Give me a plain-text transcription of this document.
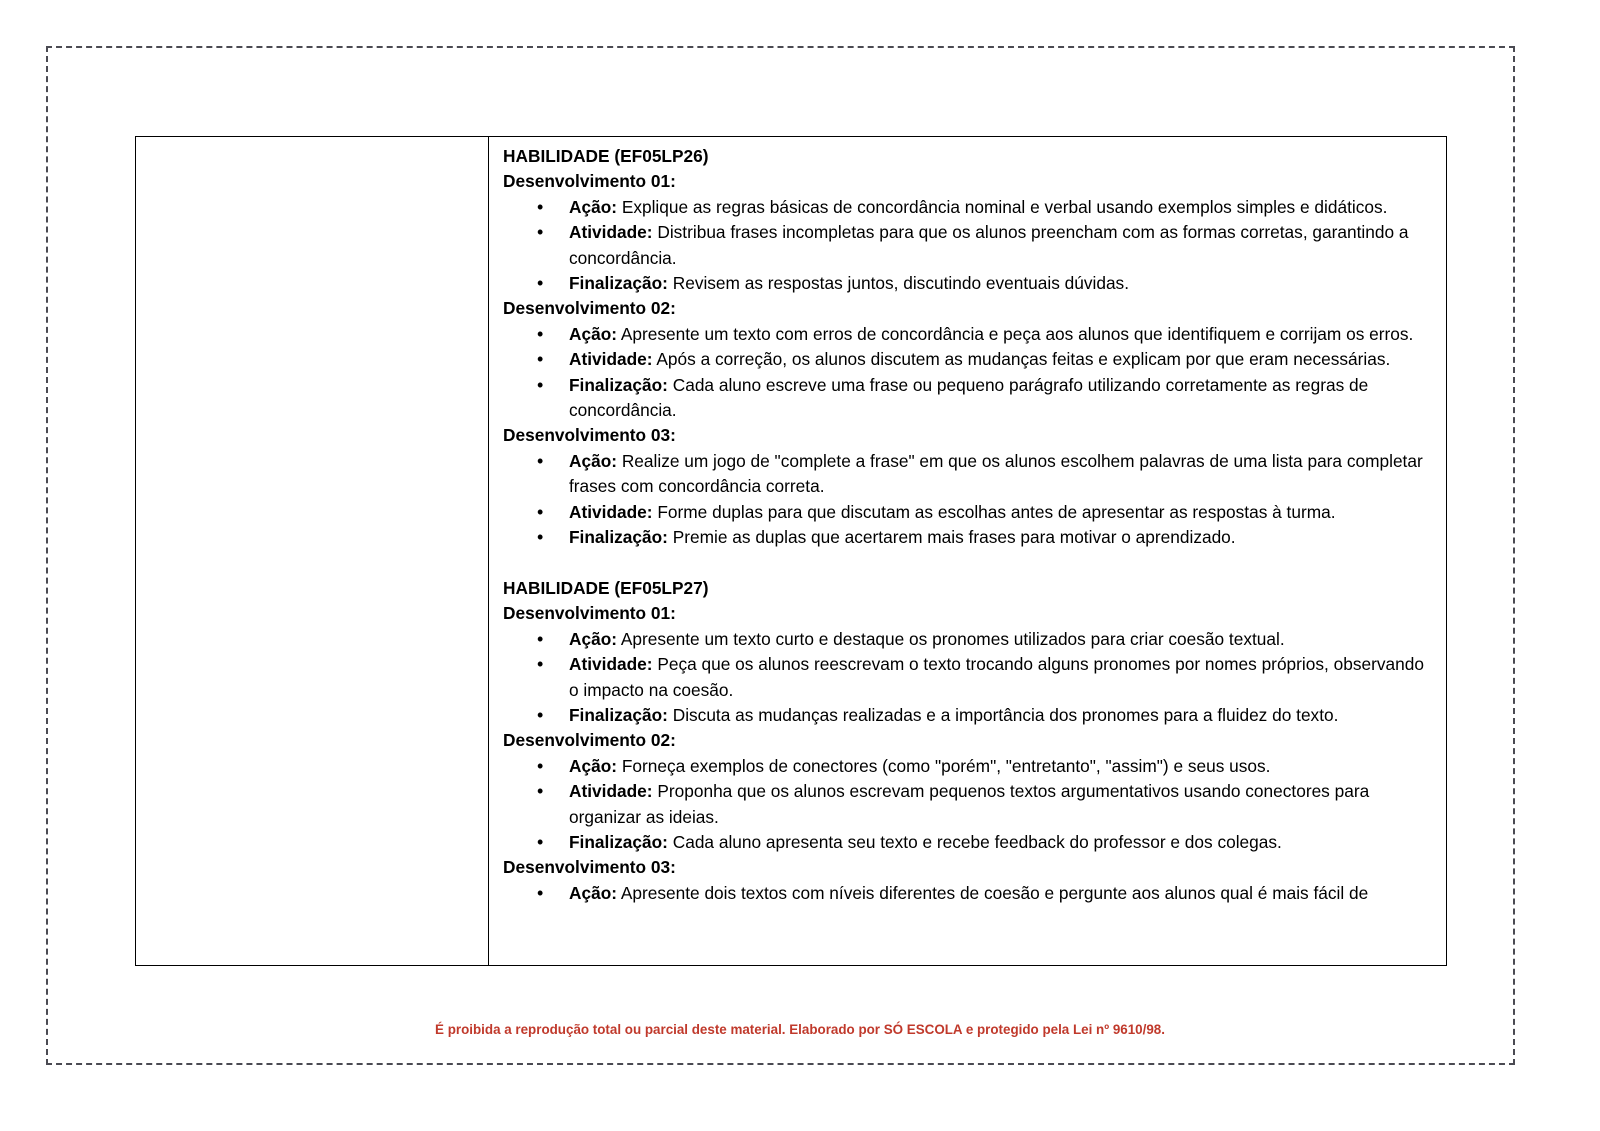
HABILIDADE (EF05LP26)
Desenvolvimento 01:
• Ação: Explique as regras básicas de concordância nominal e verbal usando exemplos simples e didáticos.
• Atividade: Distribua frases incompletas para que os alunos preencham com as formas corretas, garantindo a concordância.
• Finalização: Revisem as respostas juntos, discutindo eventuais dúvidas.
Desenvolvimento 02:
• Ação: Apresente um texto com erros de concordância e peça aos alunos que identifiquem e corrijam os erros.
• Atividade: Após a correção, os alunos discutem as mudanças feitas e explicam por que eram necessárias.
• Finalização: Cada aluno escreve uma frase ou pequeno parágrafo utilizando corretamente as regras de concordância.
Desenvolvimento 03:
• Ação: Realize um jogo de "complete a frase" em que os alunos escolhem palavras de uma lista para completar frases com concordância correta.
• Atividade: Forme duplas para que discutam as escolhas antes de apresentar as respostas à turma.
• Finalização: Premie as duplas que acertarem mais frases para motivar o aprendizado.
HABILIDADE (EF05LP27)
Desenvolvimento 01:
• Ação: Apresente um texto curto e destaque os pronomes utilizados para criar coesão textual.
• Atividade: Peça que os alunos reescrevam o texto trocando alguns pronomes por nomes próprios, observando o impacto na coesão.
• Finalização: Discuta as mudanças realizadas e a importância dos pronomes para a fluidez do texto.
Desenvolvimento 02:
• Ação: Forneça exemplos de conectores (como "porém", "entretanto", "assim") e seus usos.
• Atividade: Proponha que os alunos escrevam pequenos textos argumentativos usando conectores para organizar as ideias.
• Finalização: Cada aluno apresenta seu texto e recebe feedback do professor e dos colegas.
Desenvolvimento 03:
• Ação: Apresente dois textos com níveis diferentes de coesão e pergunte aos alunos qual é mais fácil de
É proibida a reprodução total ou parcial deste material. Elaborado por SÓ ESCOLA e protegido pela Lei nº 9610/98.
